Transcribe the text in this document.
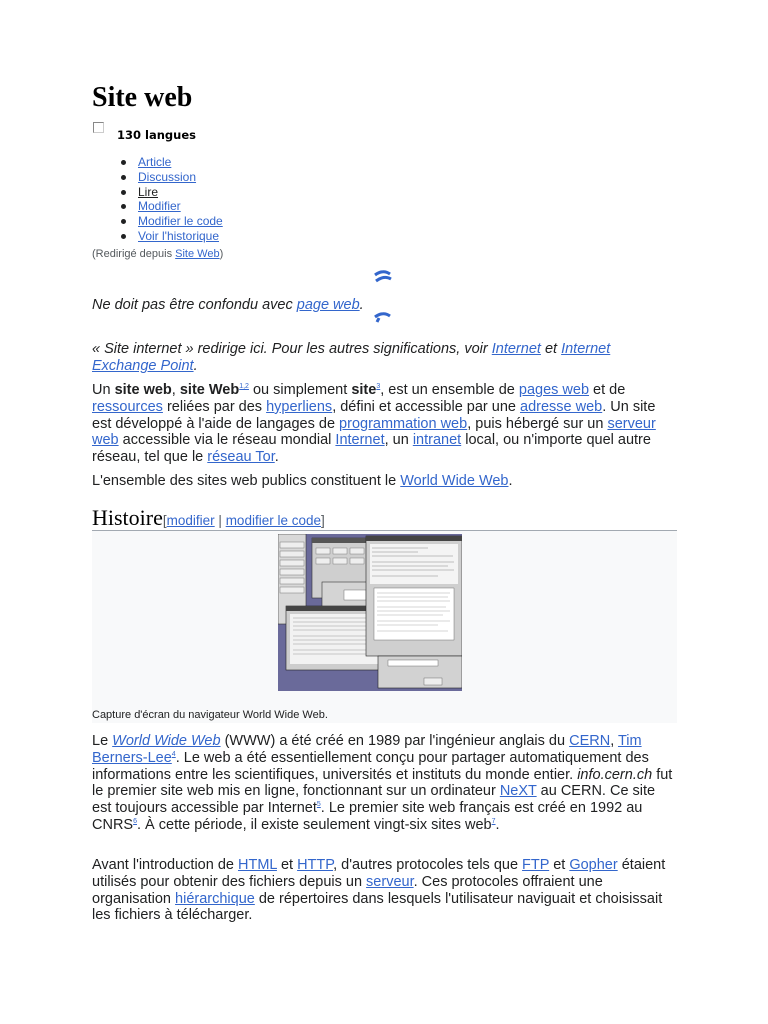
Site web
130 langues
Article
Discussion
Lire
Modifier
Modifier le code
Voir l'historique
(Redirigé depuis Site Web)
Ne doit pas être confondu avec page web.
« Site internet » redirige ici. Pour les autres significations, voir Internet et Internet Exchange Point.

Un site web, site Web$^{1,2}$ ou simplement site$^3$, est un ensemble de pages web et de ressources reliées par des hyperliens, défini et accessible par une adresse web. Un site est développé à l'aide de langages de programmation web, puis hébergé sur un serveur web accessible via le réseau mondial Internet, un intranet local, ou n'importe quel autre réseau, tel que le réseau Tor.

L'ensemble des sites web publics constituent le World Wide Web.

Histoire[modifier | modifier le code]
Capture d'écran du navigateur World Wide Web.

Le World Wide Web (WWW) a été créé en 1989 par l'ingénieur anglais du CERN, Tim Berners-Lee$^4$. Le web a été essentiellement conçu pour partager automatiquement des informations entre les scientifiques, universités et instituts du monde entier. info.cern.ch fut le premier site web mis en ligne, fonctionnant sur un ordinateur NeXT au CERN. Ce site est toujours accessible par Internet$^5$. Le premier site web français est créé en 1992 au CNRS$^6$. À cette période, il existe seulement vingt-six sites web$^7$.

Avant l'introduction de HTML et HTTP, d'autres protocoles tels que FTP et Gopher étaient utilisés pour obtenir des fichiers depuis un serveur. Ces protocoles offraient une organisation hiérarchique de répertoires dans lesquels l'utilisateur naviguait et choisissait les fichiers à télécharger.
